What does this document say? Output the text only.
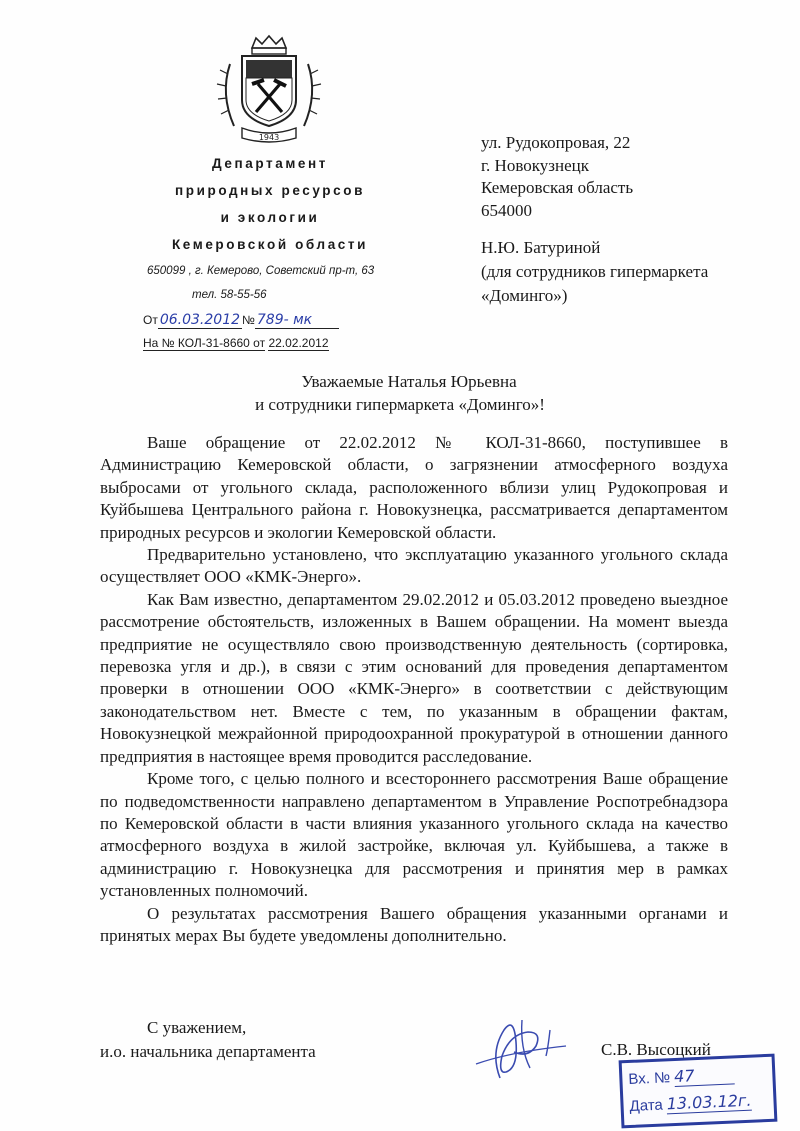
1943
Департамент
природных ресурсов
и экологии
Кемеровской области
650099 , г. Кемерово, Советский пр-т, 63
тел. 58-55-56
От 06.03.2012 № 789- мк
На № КОЛ-31-8660 от 22.02.2012
ул. Рудокопровая, 22
г. Новокузнецк
Кемеровская область
654000
Н.Ю. Батуриной
(для сотрудников гипермаркета
«Доминго»)
Уважаемые Наталья Юрьевна
и сотрудники гипермаркета «Доминго»!

Ваше обращение от 22.02.2012 № КОЛ-31-8660, поступившее в Администрацию Кемеровской области, о загрязнении атмосферного воздуха выбросами от угольного склада, расположенного вблизи улиц Рудокопровая и Куйбышева Центрального района г. Новокузнецка, рассматривается департаментом природных ресурсов и экологии Кемеровской области.

Предварительно установлено, что эксплуатацию указанного угольного склада осуществляет ООО «КМК-Энерго».

Как Вам известно, департаментом 29.02.2012 и 05.03.2012 проведено выездное рассмотрение обстоятельств, изложенных в Вашем обращении. На момент выезда предприятие не осуществляло свою производственную деятельность (сортировка, перевозка угля и др.), в связи с этим оснований для проведения департаментом проверки в отношении ООО «КМК-Энерго» в соответствии с действующим законодательством нет. Вместе с тем, по указанным в обращении фактам, Новокузнецкой межрайонной природоохранной прокуратурой в отношении данного предприятия в настоящее время проводится расследование.

Кроме того, с целью полного и всестороннего рассмотрения Ваше обращение по подведомственности направлено департаментом в Управление Роспотребнадзора по Кемеровской области в части влияния указанного угольного склада на качество атмосферного воздуха в жилой застройке, включая ул. Куйбышева, а также в администрацию г. Новокузнецка для рассмотрения и принятия мер в рамках установленных полномочий.

О результатах рассмотрения Вашего обращения указанными органами и принятых мерах Вы будете уведомлены дополнительно.

С уважением,
и.о. начальника департамента	С.В. Высоцкий
Вх. № 47
Дата 13.03.12г.
